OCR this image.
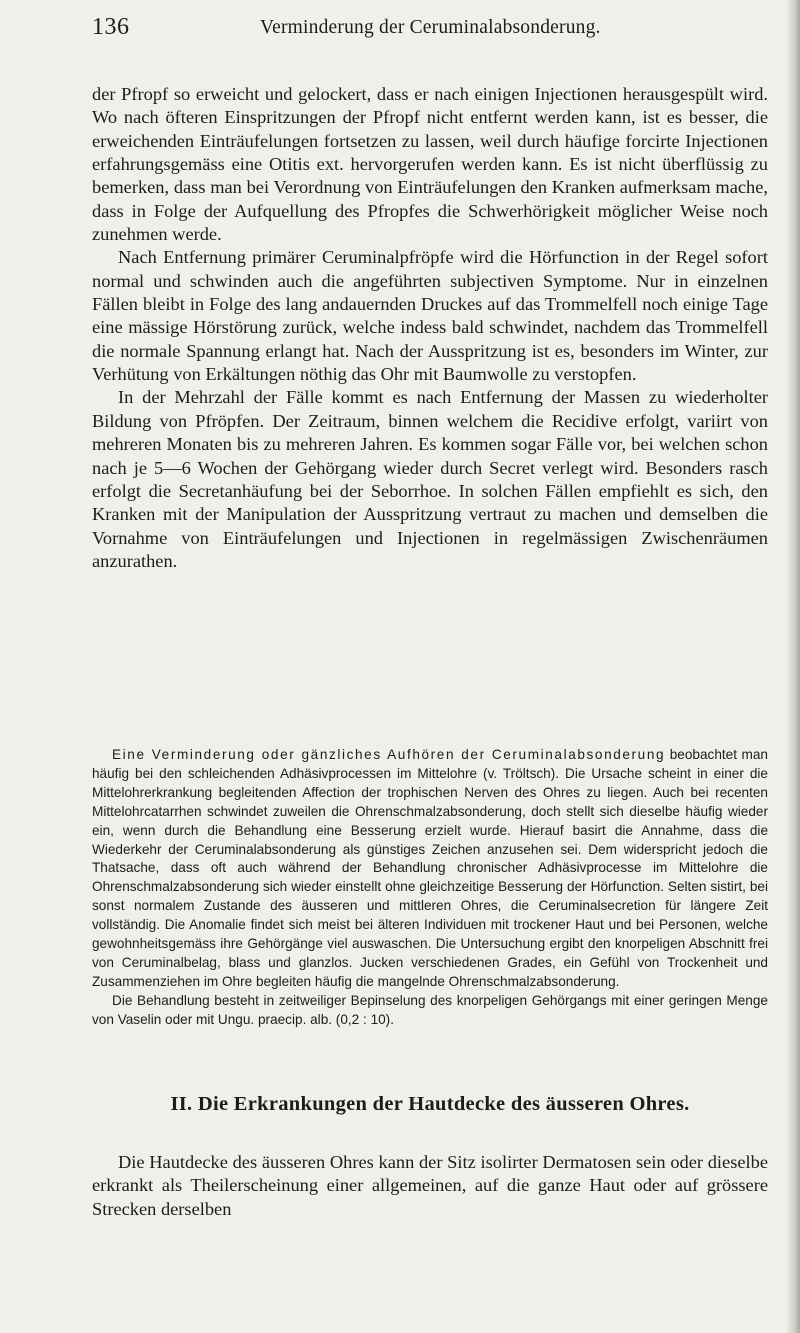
136	Verminderung der Ceruminalabsonderung.

der Pfropf so erweicht und gelockert, dass er nach einigen Injectionen herausgespült wird. Wo nach öfteren Einspritzungen der Pfropf nicht entfernt werden kann, ist es besser, die erweichenden Einträufelungen fortsetzen zu lassen, weil durch häufige forcirte Injectionen erfahrungsgemäss eine Otitis ext. hervorgerufen werden kann. Es ist nicht überflüssig zu bemerken, dass man bei Verordnung von Einträufelungen den Kranken aufmerksam mache, dass in Folge der Aufquellung des Pfropfes die Schwerhörigkeit möglicher Weise noch zunehmen werde.

Nach Entfernung primärer Ceruminalpfröpfe wird die Hörfunction in der Regel sofort normal und schwinden auch die angeführten subjectiven Symptome. Nur in einzelnen Fällen bleibt in Folge des lang andauernden Druckes auf das Trommelfell noch einige Tage eine mässige Hörstörung zurück, welche indess bald schwindet, nachdem das Trommelfell die normale Spannung erlangt hat. Nach der Ausspritzung ist es, besonders im Winter, zur Verhütung von Erkältungen nöthig das Ohr mit Baumwolle zu verstopfen.

In der Mehrzahl der Fälle kommt es nach Entfernung der Massen zu wiederholter Bildung von Pfröpfen. Der Zeitraum, binnen welchem die Recidive erfolgt, variirt von mehreren Monaten bis zu mehreren Jahren. Es kommen sogar Fälle vor, bei welchen schon nach je 5—6 Wochen der Gehörgang wieder durch Secret verlegt wird. Besonders rasch erfolgt die Secretanhäufung bei der Seborrhoe. In solchen Fällen empfiehlt es sich, den Kranken mit der Manipulation der Ausspritzung vertraut zu machen und demselben die Vornahme von Einträufelungen und Injectionen in regelmässigen Zwischenräumen anzurathen.

Eine Verminderung oder gänzliches Aufhören der Ceruminalabsonderung beobachtet man häufig bei den schleichenden Adhäsivprocessen im Mittelohre (v. Tröltsch). Die Ursache scheint in einer die Mittelohrerkrankung begleitenden Affection der trophischen Nerven des Ohres zu liegen. Auch bei recenten Mittelohrcatarrhen schwindet zuweilen die Ohrenschmalzabsonderung, doch stellt sich dieselbe häufig wieder ein, wenn durch die Behandlung eine Besserung erzielt wurde. Hierauf basirt die Annahme, dass die Wiederkehr der Ceruminalabsonderung als günstiges Zeichen anzusehen sei. Dem widerspricht jedoch die Thatsache, dass oft auch während der Behandlung chronischer Adhäsivprocesse im Mittelohre die Ohrenschmalzabsonderung sich wieder einstellt ohne gleichzeitige Besserung der Hörfunction. Selten sistirt, bei sonst normalem Zustande des äusseren und mittleren Ohres, die Ceruminalsecretion für längere Zeit vollständig. Die Anomalie findet sich meist bei älteren Individuen mit trockener Haut und bei Personen, welche gewohnheitsgemäss ihre Gehörgänge viel auswaschen. Die Untersuchung ergibt den knorpeligen Abschnitt frei von Ceruminalbelag, blass und glanzlos. Jucken verschiedenen Grades, ein Gefühl von Trockenheit und Zusammenziehen im Ohre begleiten häufig die mangelnde Ohrenschmalzabsonderung.

Die Behandlung besteht in zeitweiliger Bepinselung des knorpeligen Gehörgangs mit einer geringen Menge von Vaselin oder mit Ungu. praecip. alb. (0,2 : 10).

II. Die Erkrankungen der Hautdecke des äusseren Ohres.

Die Hautdecke des äusseren Ohres kann der Sitz isolirter Dermatosen sein oder dieselbe erkrankt als Theilerscheinung einer allgemeinen, auf die ganze Haut oder auf grössere Strecken derselben
